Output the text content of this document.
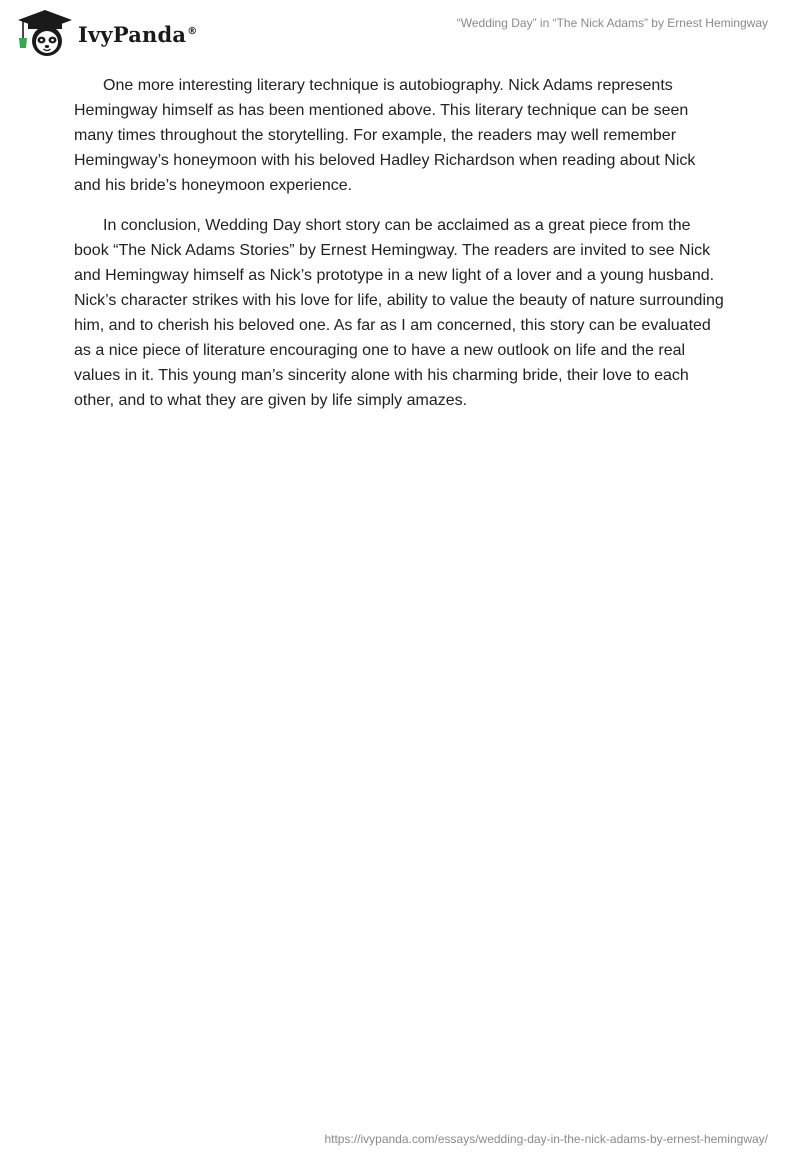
IvyPanda®
“Wedding Day” in “The Nick Adams” by Ernest Hemingway

One more interesting literary technique is autobiography. Nick Adams represents Hemingway himself as has been mentioned above. This literary technique can be seen many times throughout the storytelling. For example, the readers may well remember Hemingway’s honeymoon with his beloved Hadley Richardson when reading about Nick and his bride’s honeymoon experience.

In conclusion, Wedding Day short story can be acclaimed as a great piece from the book “The Nick Adams Stories” by Ernest Hemingway. The readers are invited to see Nick and Hemingway himself as Nick’s prototype in a new light of a lover and a young husband. Nick’s character strikes with his love for life, ability to value the beauty of nature surrounding him, and to cherish his beloved one. As far as I am concerned, this story can be evaluated as a nice piece of literature encouraging one to have a new outlook on life and the real values in it. This young man’s sincerity alone with his charming bride, their love to each other, and to what they are given by life simply amazes.

https://ivypanda.com/essays/wedding-day-in-the-nick-adams-by-ernest-hemingway/
